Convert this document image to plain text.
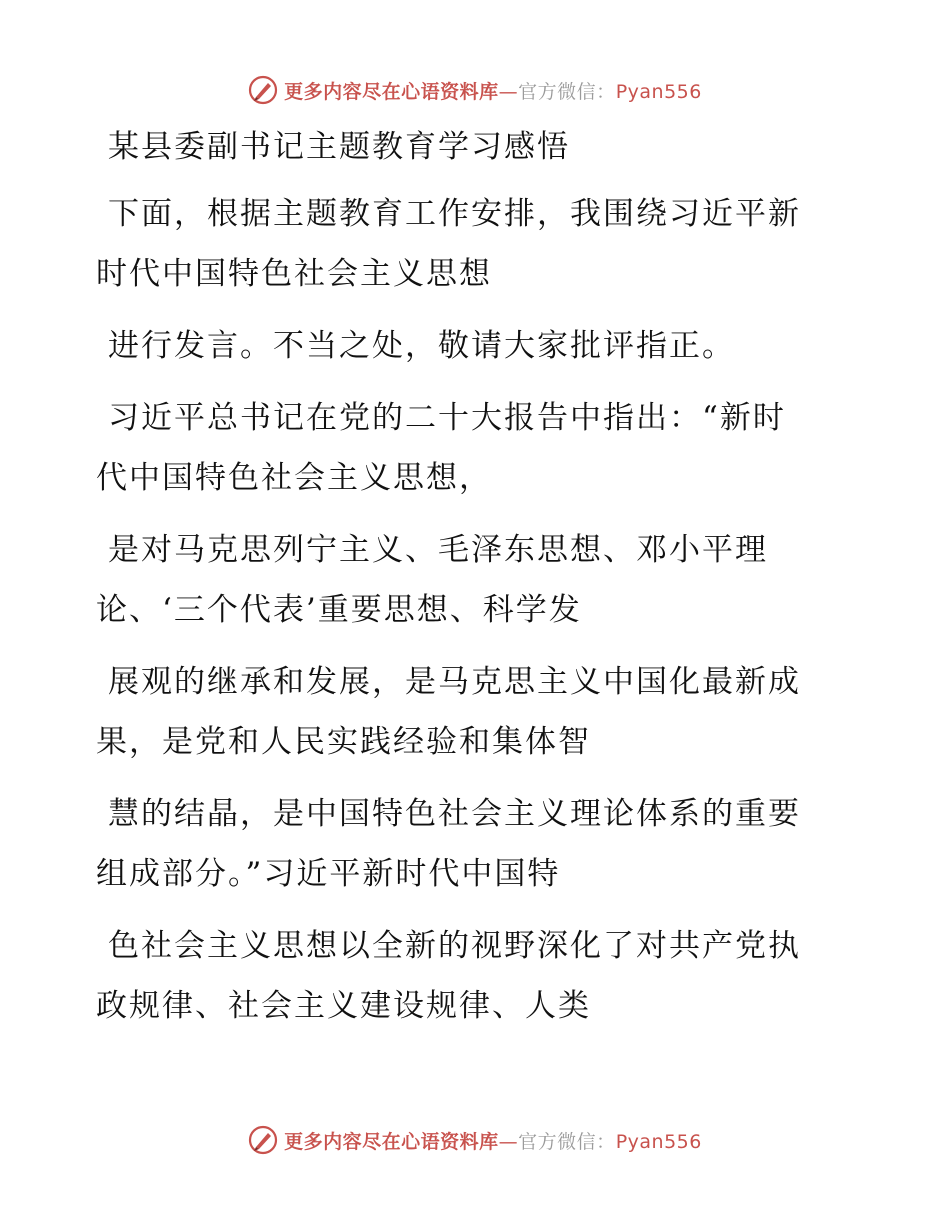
更多内容尽在心语资料库—官方微信：Pyan556
某县委副书记主题教育学习感悟

下面，根据主题教育工作安排，我围绕习近平新
时代中国特色社会主义思想

进行发言。不当之处，敬请大家批评指正。

习近平总书记在党的二十大报告中指出：“新时
代中国特色社会主义思想，

是对马克思列宁主义、毛泽东思想、邓小平理
论、‘三个代表’重要思想、科学发

展观的继承和发展，是马克思主义中国化最新成
果，是党和人民实践经验和集体智

慧的结晶，是中国特色社会主义理论体系的重要
组成部分。”习近平新时代中国特

色社会主义思想以全新的视野深化了对共产党执
政规律、社会主义建设规律、人类

更多内容尽在心语资料库—官方微信：Pyan556
